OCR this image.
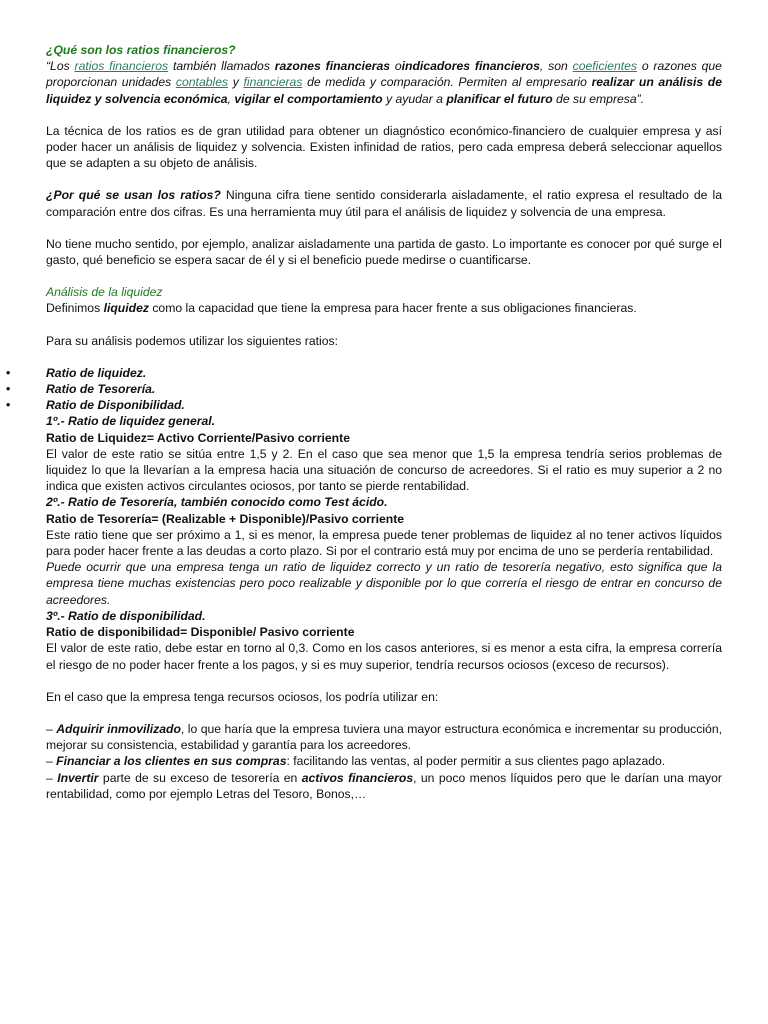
¿Qué son los ratios financieros?

“Los ratios financieros también llamados razones financieras oindicadores financieros, son coeficientes o razones que proporcionan unidades contables y financieras de medida y comparación. Permiten al empresario realizar un análisis de liquidez y solvencia económica, vigilar el comportamiento y ayudar a planificar el futuro de su empresa”.

La técnica de los ratios es de gran utilidad para obtener un diagnóstico económico-financiero de cualquier empresa y así poder hacer un análisis de liquidez y solvencia. Existen infinidad de ratios, pero cada empresa deberá seleccionar aquellos que se adapten a su objeto de análisis.

¿Por qué se usan los ratios? Ninguna cifra tiene sentido considerarla aisladamente, el ratio expresa el resultado de la comparación entre dos cifras. Es una herramienta muy útil para el análisis de liquidez y solvencia de una empresa.

No tiene mucho sentido, por ejemplo, analizar aisladamente una partida de gasto. Lo importante es conocer por qué surge el gasto, qué beneficio se espera sacar de él y si el beneficio puede medirse o cuantificarse.

Análisis de la liquidez

Definimos liquidez como la capacidad que tiene la empresa para hacer frente a sus obligaciones financieras.

Para su análisis podemos utilizar los siguientes ratios:

•	Ratio de liquidez.
•	Ratio de Tesorería.
•	Ratio de Disponibilidad.

1º.- Ratio de liquidez general.

Ratio de Liquidez= Activo Corriente/Pasivo corriente

El valor de este ratio se sitúa entre 1,5 y 2. En el caso que sea menor que 1,5 la empresa tendría serios problemas de liquidez lo que la llevarían a la empresa hacia una situación de concurso de acreedores. Si el ratio es muy superior a 2 no indica que existen activos circulantes ociosos, por tanto se pierde rentabilidad.

2º.- Ratio de Tesorería, también conocido como Test ácido.

Ratio de Tesorería= (Realizable + Disponible)/Pasivo corriente

Este ratio tiene que ser próximo a 1, si es menor, la empresa puede tener problemas de liquidez al no tener activos líquidos para poder hacer frente a las deudas a corto plazo. Si por el contrario está muy por encima de uno se perdería rentabilidad.

Puede ocurrir que una empresa tenga un ratio de liquidez correcto y un ratio de tesorería negativo, esto significa que la empresa tiene muchas existencias pero poco realizable y disponible por lo que correría el riesgo de entrar en concurso de acreedores.

3º.- Ratio de disponibilidad.

Ratio de disponibilidad= Disponible/ Pasivo corriente

El valor de este ratio, debe estar en torno al 0,3. Como en los casos anteriores, si es menor a esta cifra, la empresa correría el riesgo de no poder hacer frente a los pagos, y si es muy superior, tendría recursos ociosos (exceso de recursos).

En el caso que la empresa tenga recursos ociosos, los podría utilizar en:

– Adquirir inmovilizado, lo que haría que la empresa tuviera una mayor estructura económica e incrementar su producción, mejorar su consistencia, estabilidad y garantía para los acreedores.

– Financiar a los clientes en sus compras: facilitando las ventas, al poder permitir a sus clientes pago aplazado.

– Invertir parte de su exceso de tesorería en activos financieros, un poco menos líquidos pero que le darían una mayor rentabilidad, como por ejemplo Letras del Tesoro, Bonos,…
